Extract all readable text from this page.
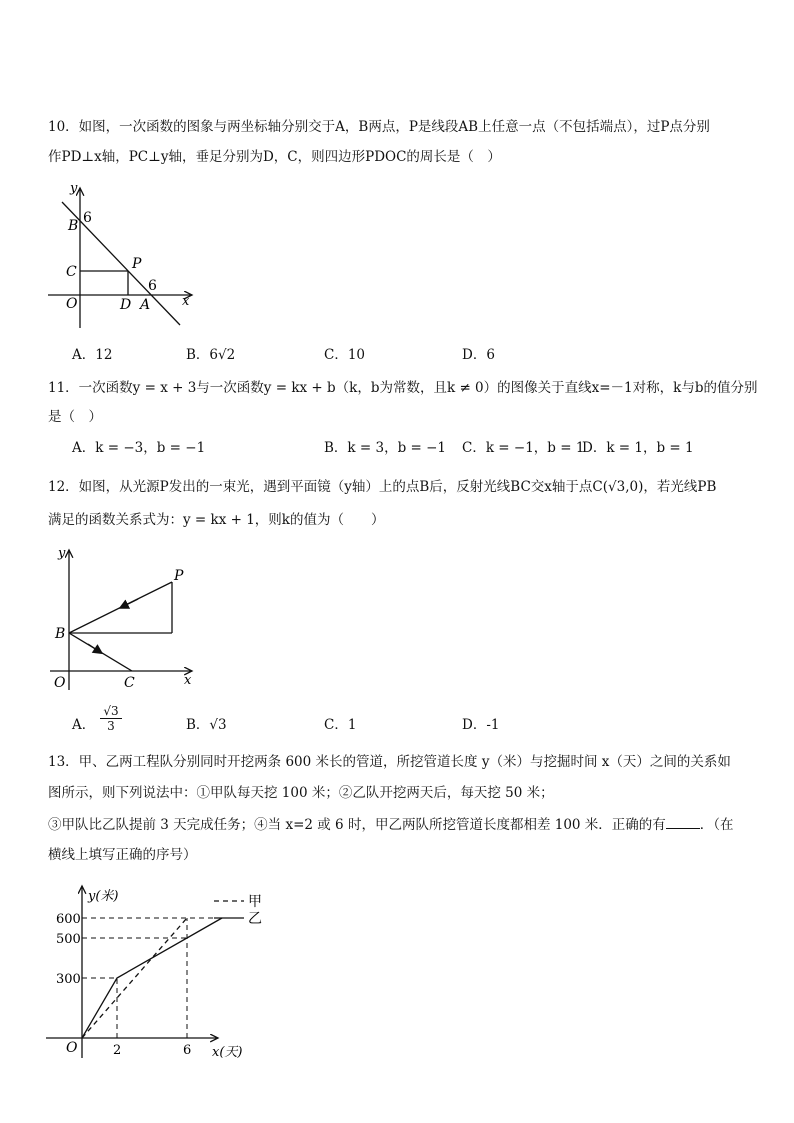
10．如图，一次函数的图象与两坐标轴分别交于A，B两点，P是线段AB上任意一点（不包括端点），过P点分别
作PD⊥x轴，PC⊥y轴，垂足分别为D，C，则四边形PDOC的周长是（　）
y
x
O
B 6
C	P
D A
6
A．12	B．6√2	C．10	D．6
11．一次函数y = x + 3与一次函数y = kx + b（k，b为常数，且k ≠ 0）的图像关于直线x=－1对称，k与b的值分别
是（　）
A．k = −3，b = −1	B．k = 3，b = −1 C．k = −1，b = 1
D．k = 1，b = 1
12．如图，从光源P发出的一束光，遇到平面镜（y轴）上的点B后，反射光线BC交x轴于点C(√3,0)，若光线PB
满足的函数关系式为：y = kx + 1，则k的值为（　　）
y
x
O
B
C
P
A． $\frac{√3}{3}$	B．√3	C．1	D．-1
13．甲、乙两工程队分别同时开挖两条 600 米长的管道，所挖管道长度 y（米）与挖掘时间 x（天）之间的关系如
图所示，则下列说法中：①甲队每天挖 100 米；②乙队开挖两天后，每天挖 50 米；
③甲队比乙队提前 3 天完成任务；④当 x=2 或 6 时，甲乙两队所挖管道长度都相差 100 米．正确的有	．（在
横线上填写正确的序号）
300
500
600
2	6
y(米)
x(天)
O
甲
乙
